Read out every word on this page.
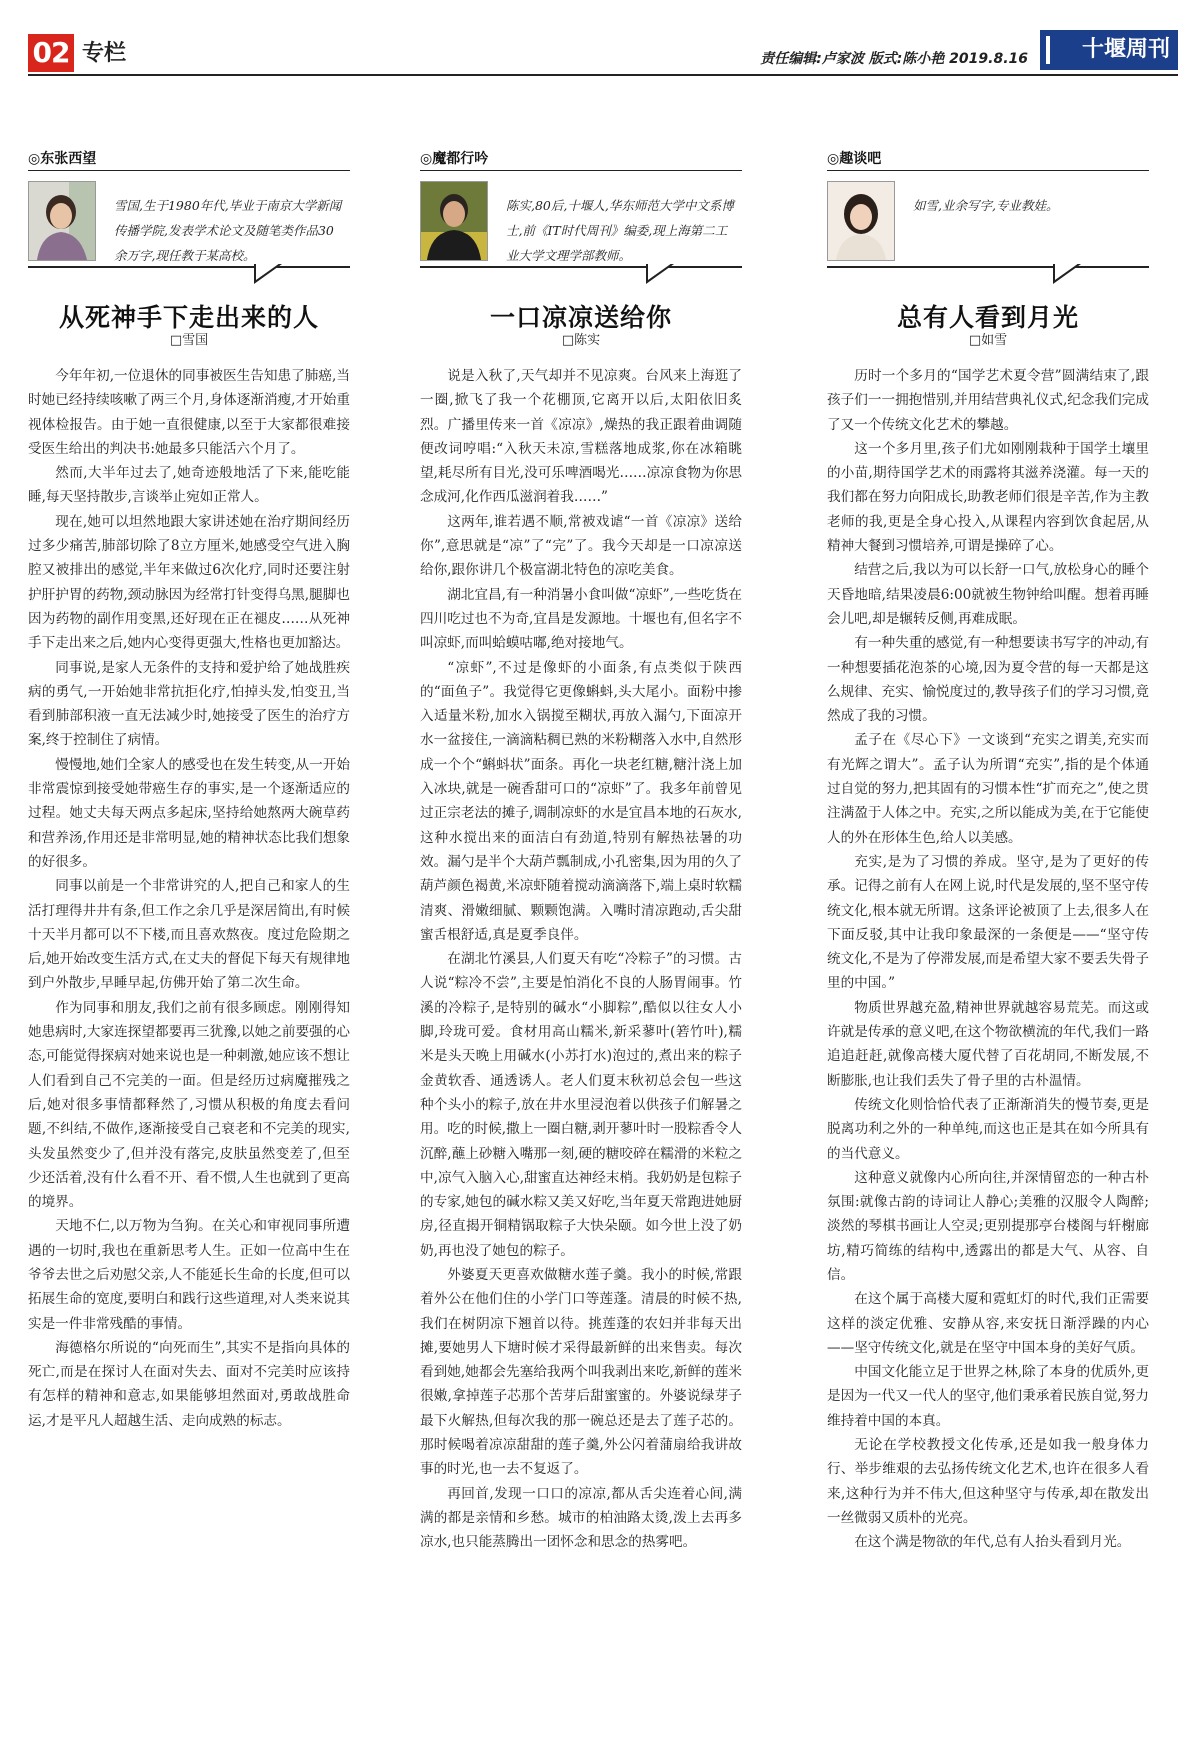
02 专栏	责任编辑:卢家波 版式:陈小艳 2019.8.16	十堰周刊
◎东张西望
雪国,生于1980年代,毕业于南京大学新闻传播学院,发表学术论文及随笔类作品30余万字,现任教于某高校。
从死神手下走出来的人
□雪国

今年年初,一位退休的同事被医生告知患了肺癌,当时她已经持续咳嗽了两三个月,身体逐渐消瘦,才开始重视体检报告。由于她一直很健康,以至于大家都很难接受医生给出的判决书:她最多只能活六个月了。

然而,大半年过去了,她奇迹般地活了下来,能吃能睡,每天坚持散步,言谈举止宛如正常人。

现在,她可以坦然地跟大家讲述她在治疗期间经历过多少痛苦,肺部切除了8立方厘米,她感受空气进入胸腔又被排出的感觉,半年来做过6次化疗,同时还要注射护肝护胃的药物,颈动脉因为经常打针变得乌黑,腿脚也因为药物的副作用变黑,还好现在正在褪皮……从死神手下走出来之后,她内心变得更强大,性格也更加豁达。

同事说,是家人无条件的支持和爱护给了她战胜疾病的勇气,一开始她非常抗拒化疗,怕掉头发,怕变丑,当看到肺部积液一直无法减少时,她接受了医生的治疗方案,终于控制住了病情。

慢慢地,她们全家人的感受也在发生转变,从一开始非常震惊到接受她带癌生存的事实,是一个逐渐适应的过程。她丈夫每天两点多起床,坚持给她熬两大碗草药和营养汤,作用还是非常明显,她的精神状态比我们想象的好很多。

同事以前是一个非常讲究的人,把自己和家人的生活打理得井井有条,但工作之余几乎是深居简出,有时候十天半月都可以不下楼,而且喜欢熬夜。度过危险期之后,她开始改变生活方式,在丈夫的督促下每天有规律地到户外散步,早睡早起,仿佛开始了第二次生命。

作为同事和朋友,我们之前有很多顾虑。刚刚得知她患病时,大家连探望都要再三犹豫,以她之前要强的心态,可能觉得探病对她来说也是一种刺激,她应该不想让人们看到自己不完美的一面。但是经历过病魔摧残之后,她对很多事情都释然了,习惯从积极的角度去看问题,不纠结,不做作,逐渐接受自己衰老和不完美的现实,头发虽然变少了,但并没有落完,皮肤虽然变差了,但至少还活着,没有什么看不开、看不惯,人生也就到了更高的境界。

天地不仁,以万物为刍狗。在关心和审视同事所遭遇的一切时,我也在重新思考人生。正如一位高中生在爷爷去世之后劝慰父亲,人不能延长生命的长度,但可以拓展生命的宽度,要明白和践行这些道理,对人类来说其实是一件非常残酷的事情。

海德格尔所说的“向死而生”,其实不是指向具体的死亡,而是在探讨人在面对失去、面对不完美时应该持有怎样的精神和意志,如果能够坦然面对,勇敢战胜命运,才是平凡人超越生活、走向成熟的标志。

◎魔都行吟
陈实,80后,十堰人,华东师范大学中文系博士,前《IT时代周刊》编委,现上海第二工业大学文理学部教师。
一口凉凉送给你
□陈实

说是入秋了,天气却并不见凉爽。台风来上海逛了一圈,掀飞了我一个花棚顶,它离开以后,太阳依旧炙烈。广播里传来一首《凉凉》,燥热的我正跟着曲调随便改词哼唱:“入秋天未凉,雪糕落地成浆,你在冰箱眺望,耗尽所有目光,没可乐啤酒喝光……凉凉食物为你思念成河,化作西瓜滋润着我……”

这两年,谁若遇不顺,常被戏谑“一首《凉凉》送给你”,意思就是“凉”了“完”了。我今天却是一口凉凉送给你,跟你讲几个极富湖北特色的凉吃美食。

湖北宜昌,有一种消暑小食叫做“凉虾”,一些吃货在四川吃过也不为奇,宜昌是发源地。十堰也有,但名字不叫凉虾,而叫蛤蟆咕嘟,绝对接地气。

“凉虾”,不过是像虾的小面条,有点类似于陕西的“面鱼子”。我觉得它更像蝌蚪,头大尾小。面粉中掺入适量米粉,加水入锅搅至糊状,再放入漏勺,下面凉开水一盆接住,一滴滴粘稠已熟的米粉糊落入水中,自然形成一个个“蝌蚪状”面条。再化一块老红糖,糖汁浇上加入冰块,就是一碗香甜可口的“凉虾”了。我多年前曾见过正宗老法的摊子,调制凉虾的水是宜昌本地的石灰水,这种水搅出来的面洁白有劲道,特别有解热祛暑的功效。漏勺是半个大葫芦瓢制成,小孔密集,因为用的久了葫芦颜色褐黄,米凉虾随着搅动滴滴落下,端上桌时软糯清爽、滑嫩细腻、颗颗饱满。入嘴时清凉跑动,舌尖甜蜜舌根舒适,真是夏季良伴。

在湖北竹溪县,人们夏天有吃“冷粽子”的习惯。古人说“粽冷不尝”,主要是怕消化不良的人肠胃闹事。竹溪的冷粽子,是特别的碱水“小脚粽”,酷似以往女人小脚,玲珑可爱。食材用高山糯米,新采蓼叶(箬竹叶),糯米是头天晚上用碱水(小苏打水)泡过的,煮出来的粽子金黄软香、通透诱人。老人们夏末秋初总会包一些这种个头小的粽子,放在井水里浸泡着以供孩子们解暑之用。吃的时候,撒上一圈白糖,剥开蓼叶时一股粽香令人沉醉,蘸上砂糖入嘴那一刻,硬的糖咬碎在糯滑的米粒之中,凉气入脑入心,甜蜜直达神经末梢。我奶奶是包粽子的专家,她包的碱水粽又美又好吃,当年夏天常跑进她厨房,径直揭开铜精锅取粽子大快朵颐。如今世上没了奶奶,再也没了她包的粽子。

外婆夏天更喜欢做糖水莲子羹。我小的时候,常跟着外公在他们住的小学门口等莲蓬。清晨的时候不热,我们在树阴凉下翘首以待。挑莲蓬的农妇并非每天出摊,要她男人下塘时候才采得最新鲜的出来售卖。每次看到她,她都会先塞给我两个叫我剥出来吃,新鲜的莲米很嫩,拿掉莲子芯那个苦芽后甜蜜蜜的。外婆说绿芽子最下火解热,但每次我的那一碗总还是去了莲子芯的。那时候喝着凉凉甜甜的莲子羹,外公闪着蒲扇给我讲故事的时光,也一去不复返了。

再回首,发现一口口的凉凉,都从舌尖连着心间,满满的都是亲情和乡愁。城市的柏油路太烫,泼上去再多凉水,也只能蒸腾出一团怀念和思念的热雾吧。

◎趣谈吧
如雪,业余写字,专业教娃。
总有人看到月光
□如雪

历时一个多月的“国学艺术夏令营”圆满结束了,跟孩子们一一拥抱惜别,并用结营典礼仪式,纪念我们完成了又一个传统文化艺术的攀越。

这一个多月里,孩子们尤如刚刚栽种于国学土壤里的小苗,期待国学艺术的雨露将其滋养浇灌。每一天的我们都在努力向阳成长,助教老师们很是辛苦,作为主教老师的我,更是全身心投入,从课程内容到饮食起居,从精神大餐到习惯培养,可谓是操碎了心。

结营之后,我以为可以长舒一口气,放松身心的睡个天昏地暗,结果凌晨6:00就被生物钟给叫醒。想着再睡会儿吧,却是辗转反侧,再难成眠。

有一种失重的感觉,有一种想要读书写字的冲动,有一种想要插花泡茶的心境,因为夏令营的每一天都是这么规律、充实、愉悦度过的,教导孩子们的学习习惯,竟然成了我的习惯。

孟子在《尽心下》一文谈到“充实之谓美,充实而有光辉之谓大”。孟子认为所谓“充实”,指的是个体通过自觉的努力,把其固有的习惯本性“扩而充之”,使之贯注满盈于人体之中。充实,之所以能成为美,在于它能使人的外在形体生色,给人以美感。

充实,是为了习惯的养成。坚守,是为了更好的传承。记得之前有人在网上说,时代是发展的,坚不坚守传统文化,根本就无所谓。这条评论被顶了上去,很多人在下面反驳,其中让我印象最深的一条便是——“坚守传统文化,不是为了停滞发展,而是希望大家不要丢失骨子里的中国。”

物质世界越充盈,精神世界就越容易荒芜。而这或许就是传承的意义吧,在这个物欲横流的年代,我们一路追追赶赶,就像高楼大厦代替了百花胡同,不断发展,不断膨胀,也让我们丢失了骨子里的古朴温情。

传统文化则恰恰代表了正渐渐消失的慢节奏,更是脱离功利之外的一种单纯,而这也正是其在如今所具有的当代意义。

这种意义就像内心所向往,并深情留恋的一种古朴氛围:就像古韵的诗词让人静心;美雅的汉服令人陶醉;淡然的琴棋书画让人空灵;更别提那亭台楼阁与轩榭廊坊,精巧简练的结构中,透露出的都是大气、从容、自信。

在这个属于高楼大厦和霓虹灯的时代,我们正需要这样的淡定优雅、安静从容,来安抚日渐浮躁的内心——坚守传统文化,就是在坚守中国本身的美好气质。

中国文化能立足于世界之林,除了本身的优质外,更是因为一代又一代人的坚守,他们秉承着民族自觉,努力维持着中国的本真。

无论在学校教授文化传承,还是如我一般身体力行、举步维艰的去弘扬传统文化艺术,也许在很多人看来,这种行为并不伟大,但这种坚守与传承,却在散发出一丝微弱又质朴的光亮。

在这个满是物欲的年代,总有人抬头看到月光。
